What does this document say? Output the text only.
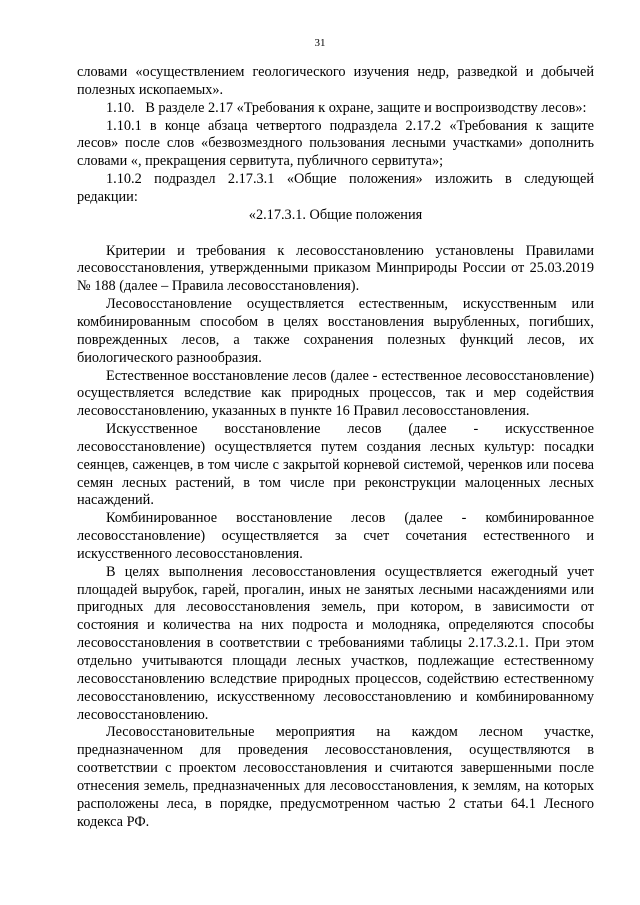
31

словами «осуществлением геологического изучения недр, разведкой и добычей полезных ископаемых».

1.10.   В разделе 2.17 «Требования к охране, защите и воспроизводству лесов»:

1.10.1 в конце абзаца четвертого подраздела 2.17.2 «Требования к защите лесов» после слов «безвозмездного пользования лесными участками» дополнить словами «, прекращения сервитута, публичного сервитута»;

1.10.2 подраздел 2.17.3.1 «Общие положения» изложить в следующей редакции:

«2.17.3.1. Общие положения

Критерии и требования к лесовосстановлению установлены Правилами лесовосстановления, утвержденными приказом Минприроды России от 25.03.2019 № 188 (далее – Правила лесовосстановления).

Лесовосстановление осуществляется естественным, искусственным или комбинированным способом в целях восстановления вырубленных, погибших, поврежденных лесов, а также сохранения полезных функций лесов, их биологического разнообразия.

Естественное восстановление лесов (далее - естественное лесовосстановление) осуществляется вследствие как природных процессов, так и мер содействия лесовосстановлению, указанных в пункте 16 Правил лесовосстановления.

Искусственное восстановление лесов (далее - искусственное лесовосстановление) осуществляется путем создания лесных культур: посадки сеянцев, саженцев, в том числе с закрытой корневой системой, черенков или посева семян лесных растений, в том числе при реконструкции малоценных лесных насаждений.

Комбинированное восстановление лесов (далее - комбинированное лесовосстановление) осуществляется за счет сочетания естественного и искусственного лесовосстановления.

В целях выполнения лесовосстановления осуществляется ежегодный учет площадей вырубок, гарей, прогалин, иных не занятых лесными насаждениями или пригодных для лесовосстановления земель, при котором, в зависимости от состояния и количества на них подроста и молодняка, определяются способы лесовосстановления в соответствии с требованиями таблицы 2.17.3.2.1. При этом отдельно учитываются площади лесных участков, подлежащие естественному лесовосстановлению вследствие природных процессов, содействию естественному лесовосстановлению, искусственному лесовосстановлению и комбинированному лесовосстановлению.

Лесовосстановительные мероприятия на каждом лесном участке, предназначенном для проведения лесовосстановления, осуществляются в соответствии с проектом лесовосстановления и считаются завершенными после отнесения земель, предназначенных для лесовосстановления, к землям, на которых расположены леса, в порядке, предусмотренном частью 2 статьи 64.1 Лесного кодекса РФ.
